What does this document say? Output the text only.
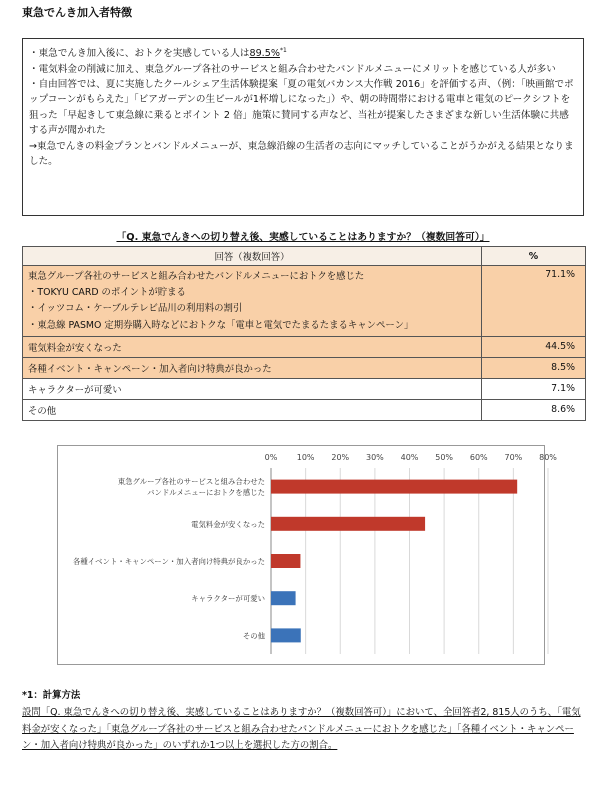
東急でんき加入者特徴

・東急でんき加入後に、おトクを実感している人は89.5%$^{*1}$

・電気料金の削減に加え、東急グループ各社のサービスと組み合わせたバンドルメニューにメリットを感じている人が多い

・自由回答では、夏に実施したクールシェア生活体験提案「夏の電気バカンス大作戦 2016」を評価する声、（例：「映画館でポップコーンがもらえた」「ビアガーデンの生ビールが1杯増しになった」）や、朝の時間帯における電車と電気のピークシフトを狙った「早起きして東急線に乗るとポイント 2 倍」施策に賛同する声など、当社が提案したさまざまな新しい生活体験に共感する声が聞かれた

→東急でんきの料金プランとバンドルメニューが、東急線沿線の生活者の志向にマッチしていることがうかがえる結果となりました。

「Q. 東急でんきへの切り替え後、実感していることはありますか？（複数回答可）」
回答（複数回答）	%

東急グループ各社のサービスと組み合わせたバンドルメニューにおトクを感じた
・TOKYU CARD のポイントが貯まる
・イッツコム・ケーブルテレビ品川の利用料の割引
・東急線 PASMO 定期券購入時などにおトクな「電車と電気でたまるたまるキャンペーン」	71.1%
電気料金が安くなった	44.5%
各種イベント・キャンペーン・加入者向け特典が良かった	8.5%
キャラクターが可愛い	7.1%
その他	8.6%
0% 10% 20% 30% 40% 50% 60% 70% 80%
東急グループ各社のサービスと組み合わせた
バンドルメニューにおトクを感じた
電気料金が安くなった
各種イベント・キャンペーン・加入者向け特典が良かった
キャラクターが可愛い
その他
*1：計算方法
設問「Q. 東急でんきへの切り替え後、実感していることはありますか？（複数回答可）」において、全回答者2, 815人のうち、「電気料金が安くなった」「東急グループ各社のサービスと組み合わせたバンドルメニューにおトクを感じた」「各種イベント・キャンペーン・加入者向け特典が良かった」のいずれか1つ以上を選択した方の割合。
